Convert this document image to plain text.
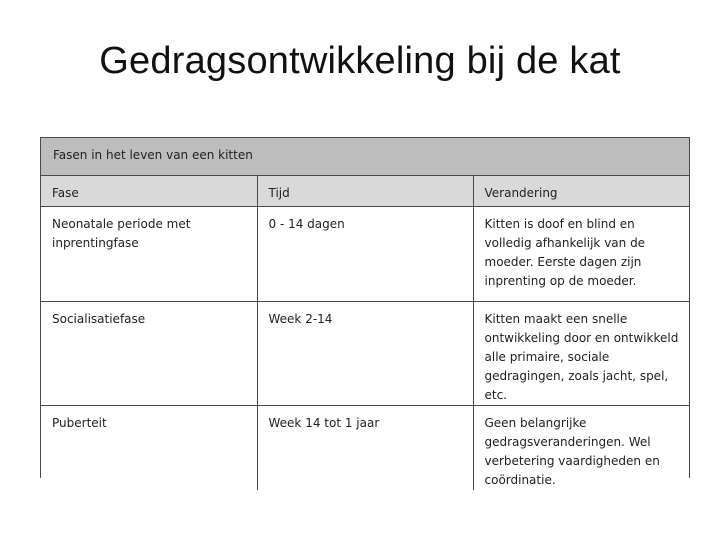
Gedragsontwikkeling bij de kat
Fasen in het leven van een kitten
Fase	Tijd	Verandering
Neonatale periode met inprentingfase	0 - 14 dagen	Kitten is doof en blind en volledig afhankelijk van de moeder. Eerste dagen zijn inprenting op de moeder.
Socialisatiefase	Week 2-14	Kitten maakt een snelle ontwikkeling door en ontwikkeld alle primaire, sociale gedragingen, zoals jacht, spel, etc.
Puberteit	Week 14 tot 1 jaar	Geen belangrijke gedragsveranderingen. Wel verbetering vaardigheden en coördinatie.
